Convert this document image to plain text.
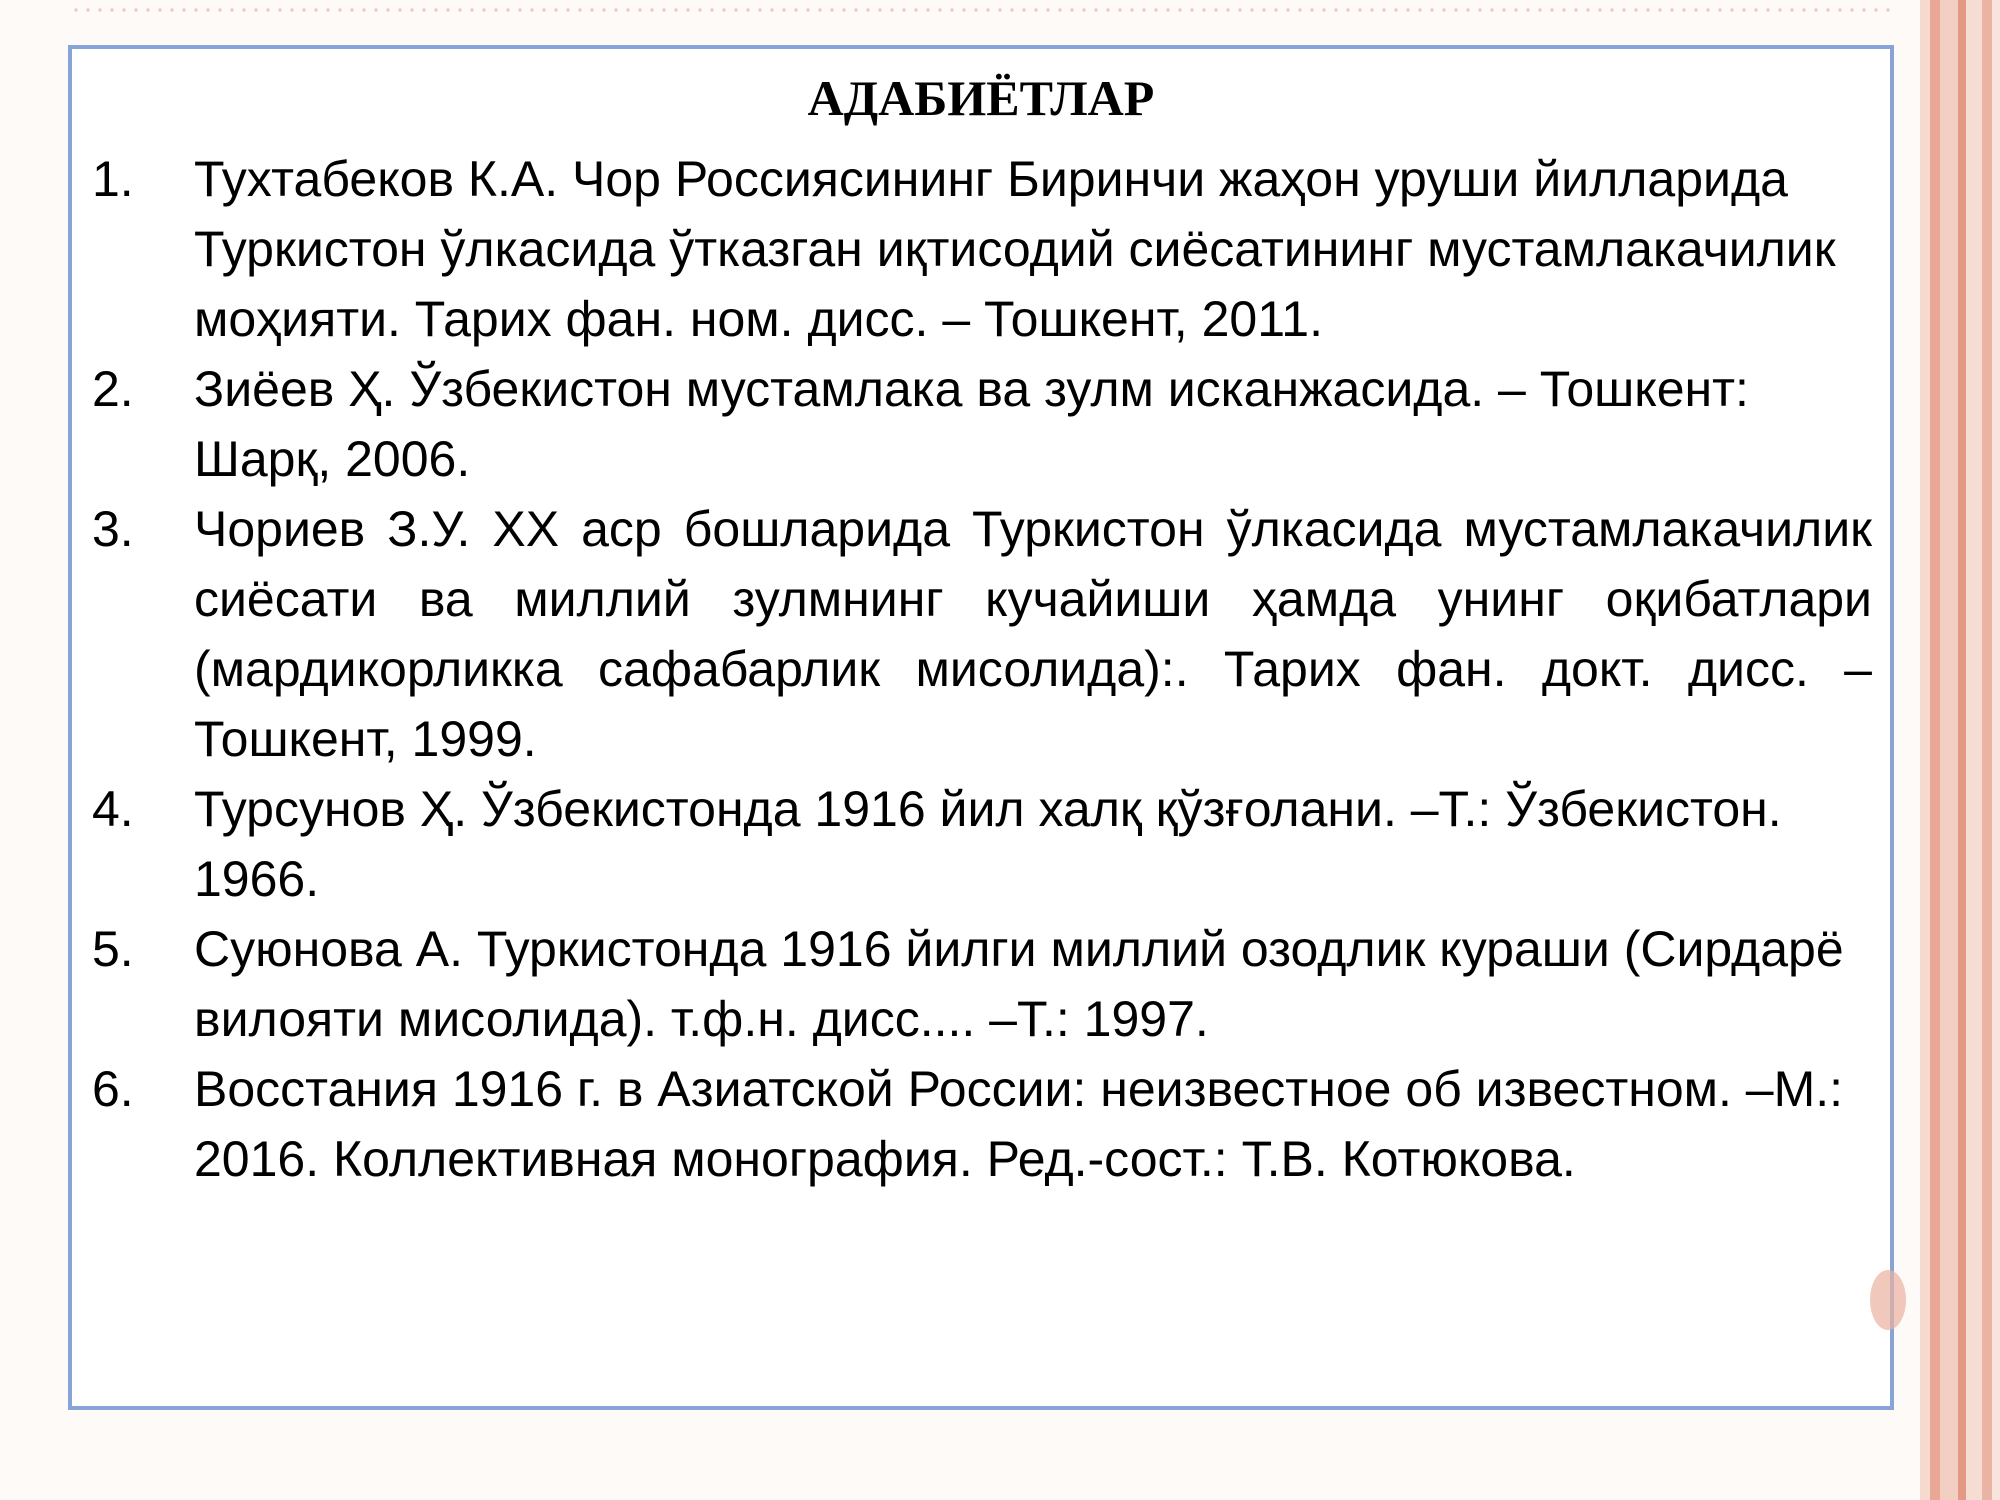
АДАБИЁТЛАР
1. Тухтабеков К.А. Чор Россиясининг Биринчи жаҳон уруши йилларида Туркистон ўлкасида ўтказган иқтисодий сиёсатининг мустамлакачилик моҳияти. Тарих фан. ном. дисс. – Тошкент, 2011.
2. Зиёев Ҳ. Ўзбекистон мустамлака ва зулм исканжасида. – Тошкент: Шарқ, 2006.
3. Чориев З.У. XX аср бошларида Туркистон ўлкасида мустамлакачилик сиёсати ва миллий зулмнинг кучайиши ҳамда унинг оқибатлари (мардикорликка сафабарлик мисолида):. Тарих фан. докт. дисс. – Тошкент, 1999.
4. Турсунов Ҳ. Ўзбекистонда 1916 йил халқ қўзғолани. –Т.: Ўзбекистон. 1966.
5. Суюнова А. Туркистонда 1916 йилги миллий озодлик кураши (Сирдарё вилояти мисолида). т.ф.н. дисс.... –Т.: 1997.
6. Восстания 1916 г. в Азиатской России: неизвестное об известном. –М.: 2016. Коллективная монография. Ред.-сост.: Т.В. Котюкова.
